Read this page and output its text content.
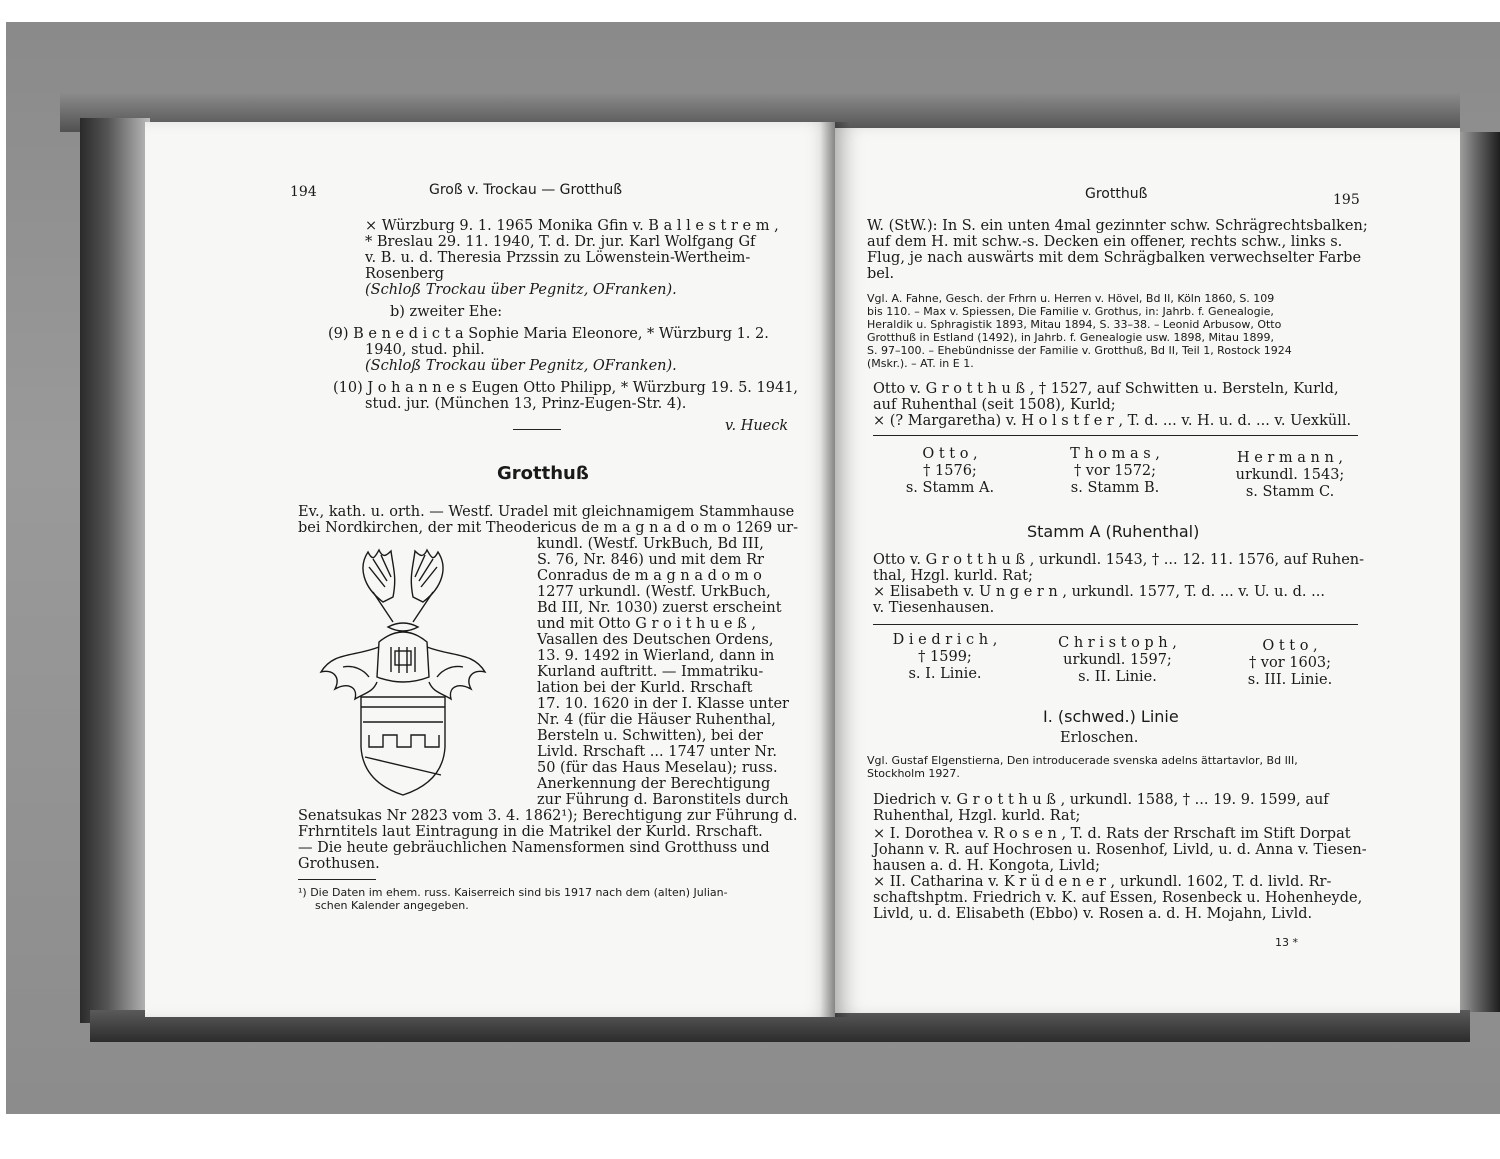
194	Groß v. Trockau — Grotthuß
⨯ Würzburg 9. 1. 1965 Monika Gfin v. B a l l e s t r e m ,
* Breslau 29. 11. 1940, T. d. Dr. jur. Karl Wolfgang Gf
v. B. u. d. Theresia Przssin zu Löwenstein-Wertheim-
Rosenberg
(Schloß Trockau über Pegnitz, OFranken).
b) zweiter Ehe:
(9) B e n e d i c t a Sophie Maria Eleonore, * Würzburg 1. 2.
1940, stud. phil.
(Schloß Trockau über Pegnitz, OFranken).
(10) J o h a n n e s Eugen Otto Philipp, * Würzburg 19. 5. 1941,
stud. jur. (München 13, Prinz-Eugen-Str. 4).
v. Hueck
Grotthuß
Ev., kath. u. orth. — Westf. Uradel mit gleichnamigem Stammhause
bei Nordkirchen, der mit Theodericus de m a g n a d o m o 1269 ur-
kundl. (Westf. UrkBuch, Bd III,
S. 76, Nr. 846) und mit dem Rr
Conradus de m a g n a d o m o
1277 urkundl. (Westf. UrkBuch,
Bd III, Nr. 1030) zuerst erscheint
und mit Otto G r o i t h u e ß ,
Vasallen des Deutschen Ordens,
13. 9. 1492 in Wierland, dann in
Kurland auftritt. — Immatriku-
lation bei der Kurld. Rrschaft
17. 10. 1620 in der I. Klasse unter
Nr. 4 (für die Häuser Ruhenthal,
Bersteln u. Schwitten), bei der
Livld. Rrschaft ... 1747 unter Nr.
50 (für das Haus Meselau); russ.
Anerkennung der Berechtigung
zur Führung d. Baronstitels durch
Senatsukas Nr 2823 vom 3. 4. 1862¹); Berechtigung zur Führung d.
Frhrntitels laut Eintragung in die Matrikel der Kurld. Rrschaft.
— Die heute gebräuchlichen Namensformen sind Grotthuss und
Grothusen.
¹) Die Daten im ehem. russ. Kaiserreich sind bis 1917 nach dem (alten) Julian-
schen Kalender angegeben.
Grotthuß	195
W. (StW.): In S. ein unten 4mal gezinnter schw. Schrägrechtsbalken;
auf dem H. mit schw.-s. Decken ein offener, rechts schw., links s.
Flug, je nach auswärts mit dem Schrägbalken verwechselter Farbe
bel.
Vgl. A. Fahne, Gesch. der Frhrn u. Herren v. Hövel, Bd II, Köln 1860, S. 109
bis 110. – Max v. Spiessen, Die Familie v. Grothus, in: Jahrb. f. Genealogie,
Heraldik u. Sphragistik 1893, Mitau 1894, S. 33–38. – Leonid Arbusow, Otto
Grotthuß in Estland (1492), in Jahrb. f. Genealogie usw. 1898, Mitau 1899,
S. 97–100. – Ehebündnisse der Familie v. Grotthuß, Bd II, Teil 1, Rostock 1924
(Mskr.). – AT. in E 1.
Otto v. G r o t t h u ß , † 1527, auf Schwitten u. Bersteln, Kurld,
auf Ruhenthal (seit 1508), Kurld;
⨯ (? Margaretha) v. H o l s t f e r , T. d. ... v. H. u. d. ... v. Uexküll.
O t t o ,
† 1576;
s. Stamm A.
T h o m a s ,
† vor 1572;
s. Stamm B.
H e r m a n n ,
urkundl. 1543;
s. Stamm C.
Stamm A (Ruhenthal)
Otto v. G r o t t h u ß , urkundl. 1543, † ... 12. 11. 1576, auf Ruhen-
thal, Hzgl. kurld. Rat;
⨯ Elisabeth v. U n g e r n , urkundl. 1577, T. d. ... v. U. u. d. ...
v. Tiesenhausen.
D i e d r i c h ,
† 1599;
s. I. Linie.
C h r i s t o p h ,
urkundl. 1597;
s. II. Linie.
O t t o ,
† vor 1603;
s. III. Linie.
I. (schwed.) Linie
Erloschen.
Vgl. Gustaf Elgenstierna, Den introducerade svenska adelns ättartavlor, Bd III,
Stockholm 1927.
Diedrich v. G r o t t h u ß , urkundl. 1588, † ... 19. 9. 1599, auf
Ruhenthal, Hzgl. kurld. Rat;
⨯ I. Dorothea v. R o s e n , T. d. Rats der Rrschaft im Stift Dorpat
Johann v. R. auf Hochrosen u. Rosenhof, Livld, u. d. Anna v. Tiesen-
hausen a. d. H. Kongota, Livld;
⨯ II. Catharina v. K r ü d e n e r , urkundl. 1602, T. d. livld. Rr-
schaftshptm. Friedrich v. K. auf Essen, Rosenbeck u. Hohenheyde,
Livld, u. d. Elisabeth (Ebbo) v. Rosen a. d. H. Mojahn, Livld.
13 *
